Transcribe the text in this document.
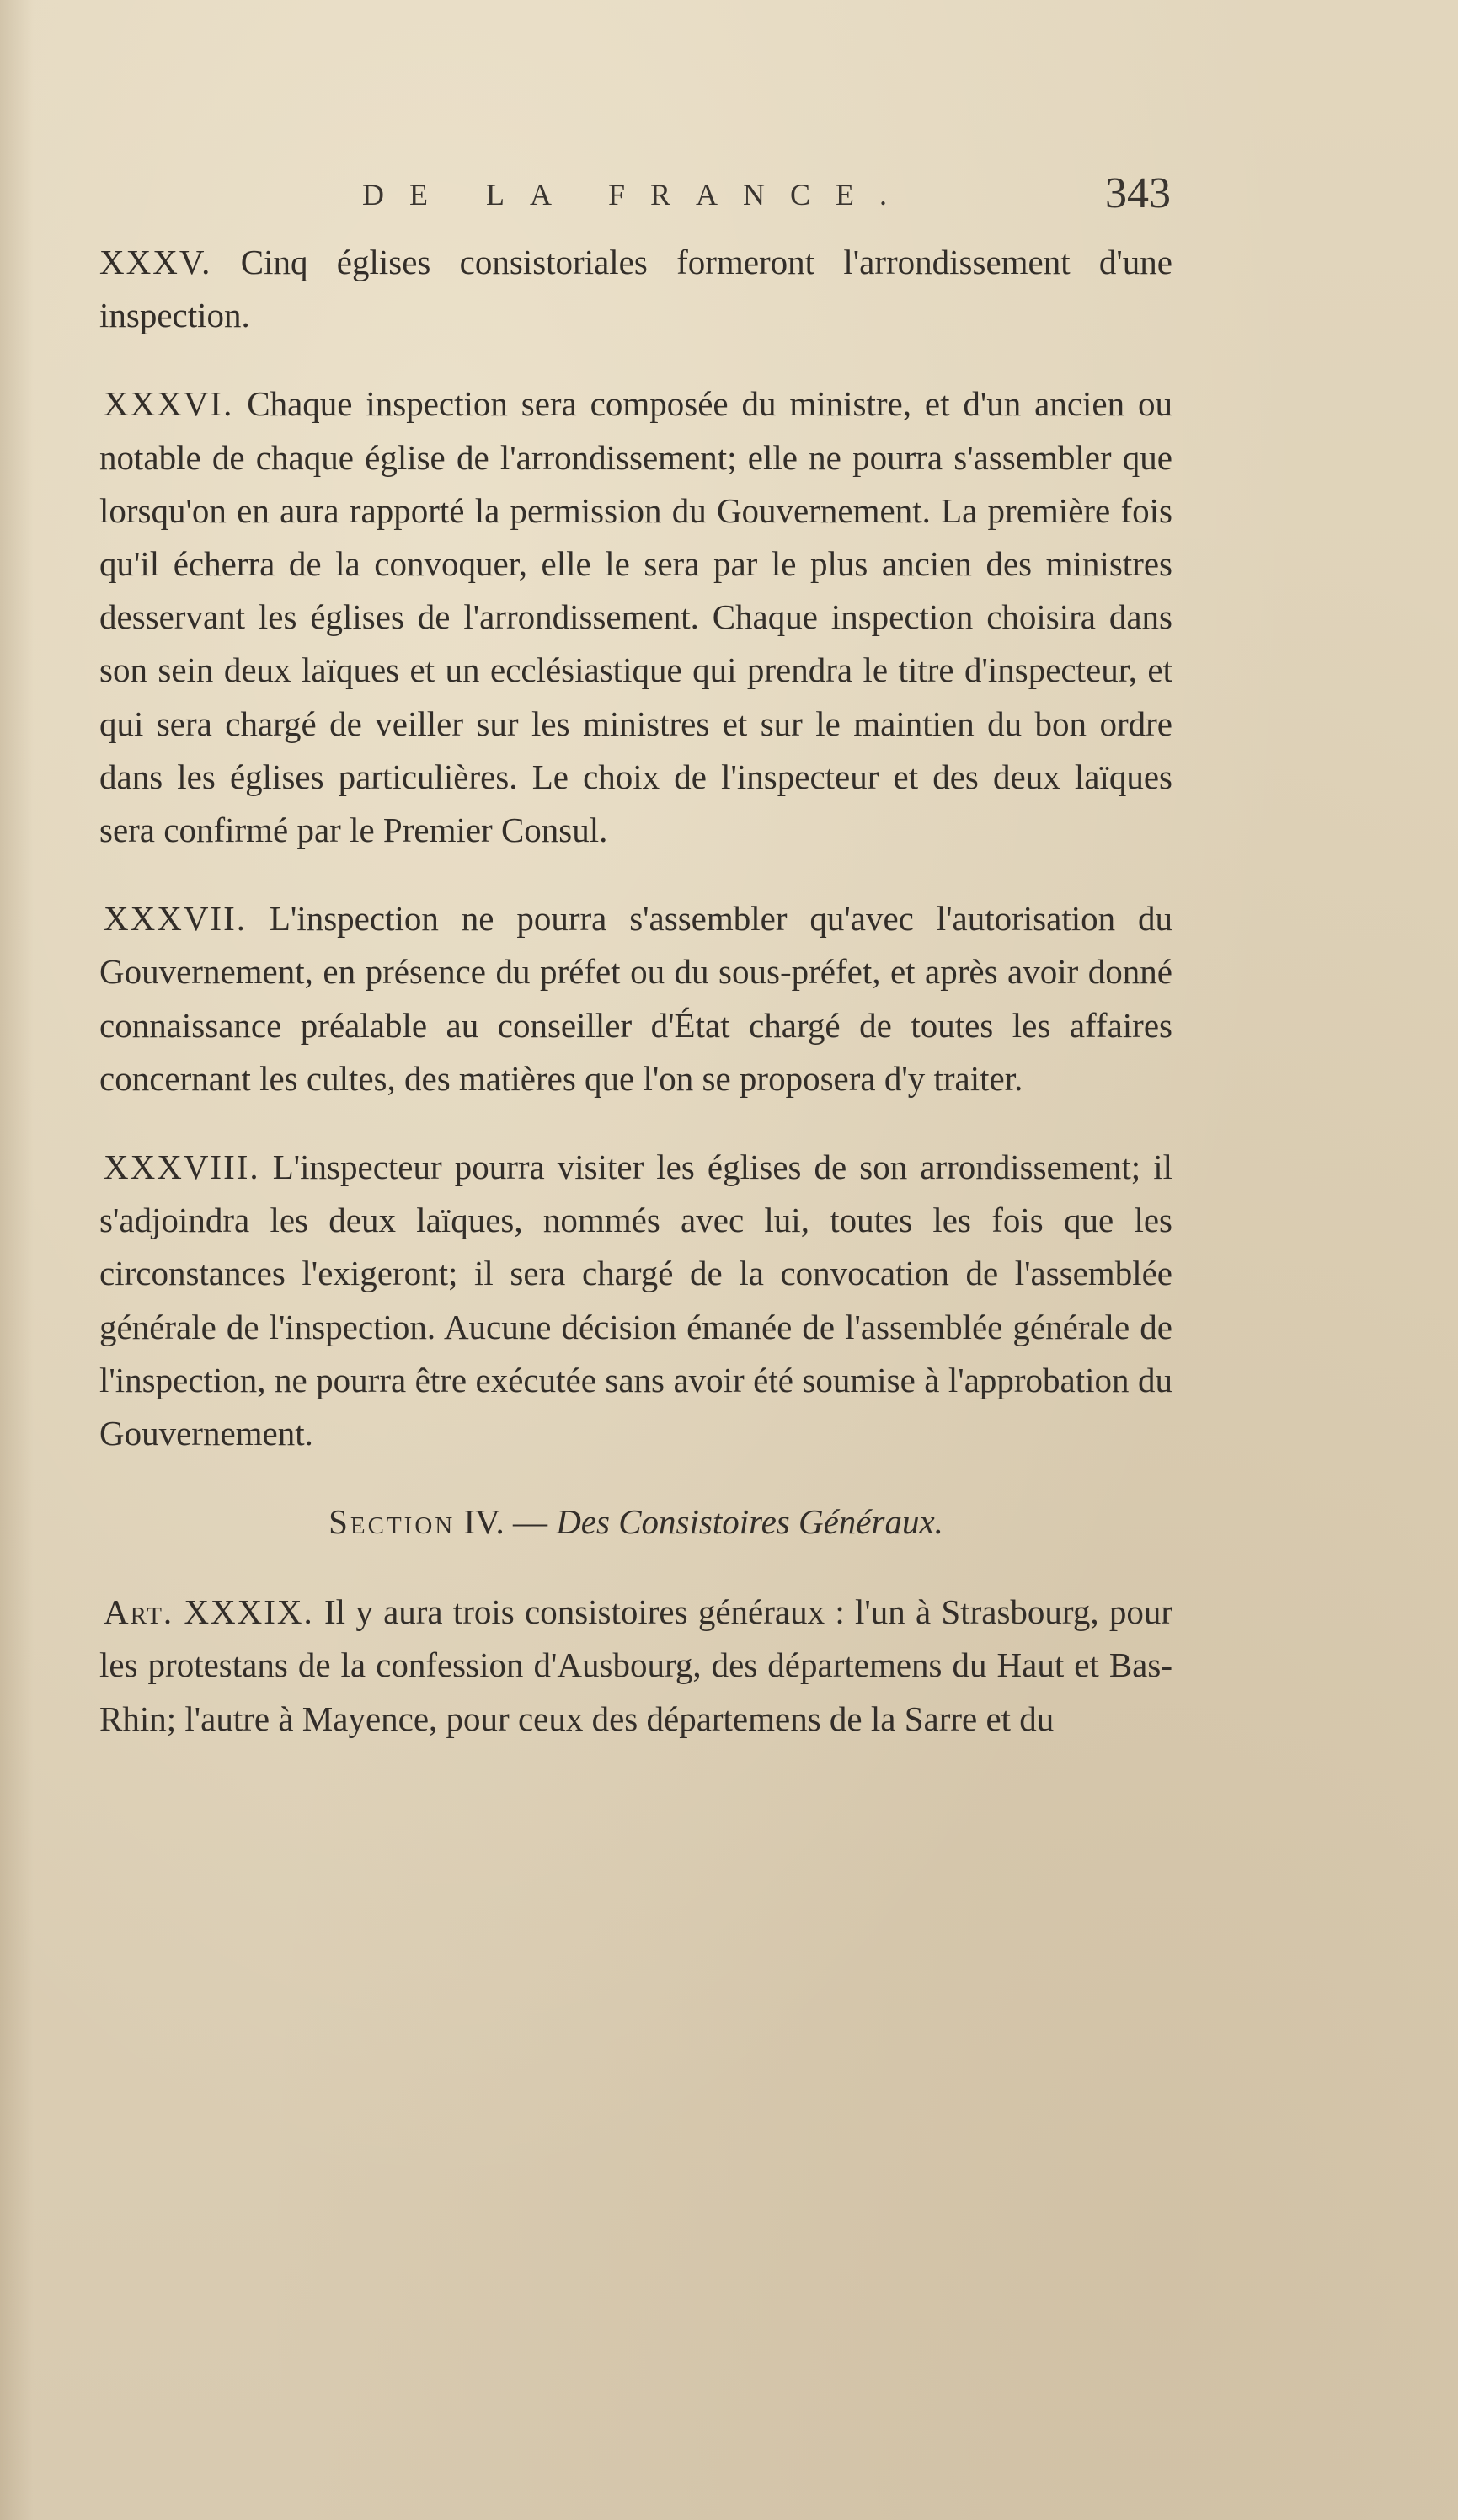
DE LA FRANCE.	343

XXXV. Cinq églises consistoriales formeront l'arrondissement d'une inspection.

XXXVI. Chaque inspection sera composée du ministre, et d'un ancien ou notable de chaque église de l'arrondissement; elle ne pourra s'assembler que lorsqu'on en aura rapporté la permission du Gouvernement. La première fois qu'il écherra de la convoquer, elle le sera par le plus ancien des ministres desservant les églises de l'arrondissement. Chaque inspection choisira dans son sein deux laïques et un ecclésiastique qui prendra le titre d'inspecteur, et qui sera chargé de veiller sur les ministres et sur le maintien du bon ordre dans les églises particulières. Le choix de l'inspecteur et des deux laïques sera confirmé par le Premier Consul.

XXXVII. L'inspection ne pourra s'assembler qu'avec l'autorisation du Gouvernement, en présence du préfet ou du sous-préfet, et après avoir donné connaissance préalable au conseiller d'État chargé de toutes les affaires concernant les cultes, des matières que l'on se proposera d'y traiter.

XXXVIII. L'inspecteur pourra visiter les églises de son arrondissement; il s'adjoindra les deux laïques, nommés avec lui, toutes les fois que les circonstances l'exigeront; il sera chargé de la convocation de l'assemblée générale de l'inspection. Aucune décision émanée de l'assemblée générale de l'inspection, ne pourra être exécutée sans avoir été soumise à l'approbation du Gouvernement.

Section IV. — Des Consistoires Généraux.

Art. XXXIX. Il y aura trois consistoires généraux : l'un à Strasbourg, pour les protestans de la confession d'Ausbourg, des départemens du Haut et Bas-Rhin; l'autre à Mayence, pour ceux des départemens de la Sarre et du
